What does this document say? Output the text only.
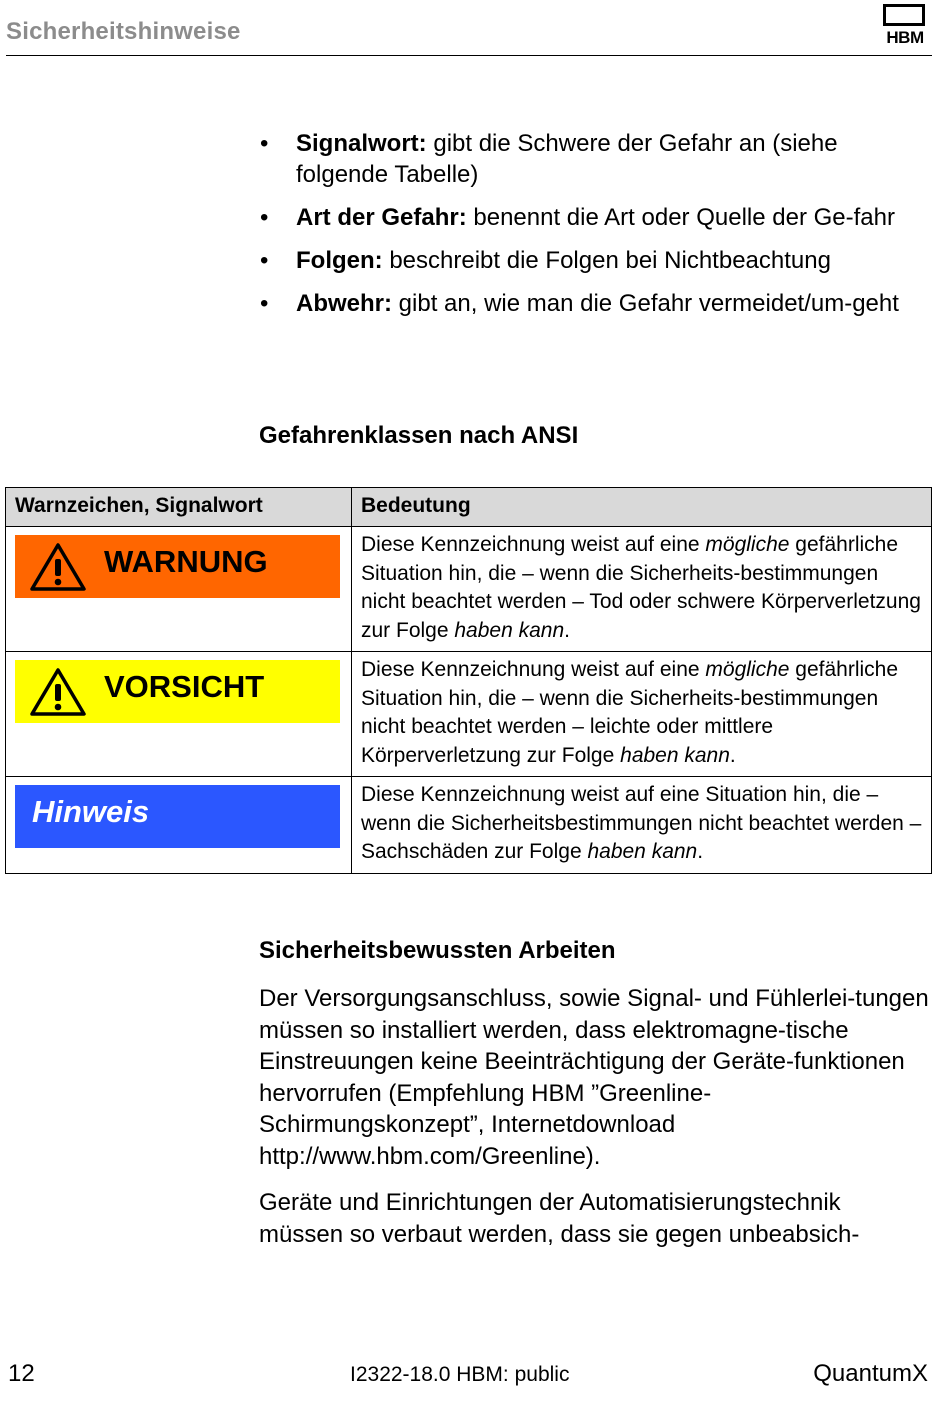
Sicherheitshinweise	HBM
• Signalwort: gibt die Schwere der Gefahr an (siehe folgende Tabelle)
• Art der Gefahr: benennt die Art oder Quelle der Ge-fahr
• Folgen: beschreibt die Folgen bei Nichtbeachtung
• Abwehr: gibt an, wie man die Gefahr vermeidet/um-geht
Gefahrenklassen nach ANSI
Warnzeichen, Signalwort	Bedeutung

WARNUNG	Diese Kennzeichnung weist auf eine mögliche gefährliche Situation hin, die – wenn die Sicherheits-bestimmungen nicht beachtet werden – Tod oder schwere Körperverletzung zur Folge haben kann.

VORSICHT	Diese Kennzeichnung weist auf eine mögliche gefährliche Situation hin, die – wenn die Sicherheits-bestimmungen nicht beachtet werden – leichte oder mittlere Körperverletzung zur Folge haben kann.

Hinweis	Diese Kennzeichnung weist auf eine Situation hin, die – wenn die Sicherheitsbestimmungen nicht beachtet werden – Sachschäden zur Folge haben kann.
Sicherheitsbewussten Arbeiten

Der Versorgungsanschluss, sowie Signal- und Fühlerlei-tungen müssen so installiert werden, dass elektromagne-tische Einstreuungen keine Beeinträchtigung der Geräte-funktionen hervorrufen (Empfehlung HBM ”Greenline-Schirmungskonzept”, Internetdownload http://www.hbm.com/Greenline).

Geräte und Einrichtungen der Automatisierungstechnik müssen so verbaut werden, dass sie gegen unbeabsich-

12	I2322-18.0 HBM: public	QuantumX
